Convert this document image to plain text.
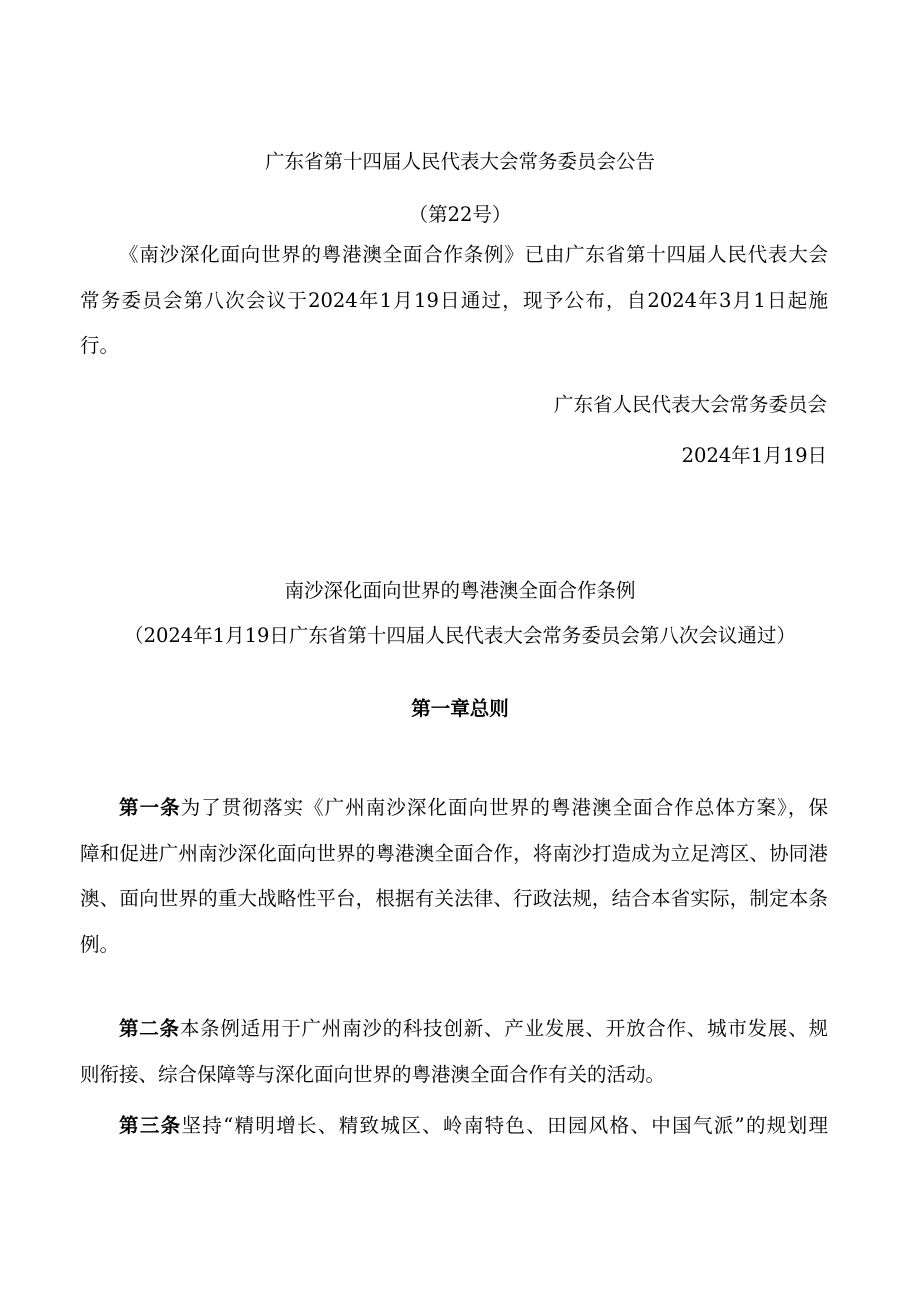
广东省第十四届人民代表大会常务委员会公告
（第22号）
《南沙深化面向世界的粤港澳全面合作条例》已由广东省第十四届人民代表大会
常务委员会第八次会议于2024年1月19日通过，现予公布，自2024年3月1日起施
行。
广东省人民代表大会常务委员会
2024年1月19日
南沙深化面向世界的粤港澳全面合作条例
（2024年1月19日广东省第十四届人民代表大会常务委员会第八次会议通过）
第一章总则
第一条为了贯彻落实《广州南沙深化面向世界的粤港澳全面合作总体方案》，保
障和促进广州南沙深化面向世界的粤港澳全面合作，将南沙打造成为立足湾区、协同港
澳、面向世界的重大战略性平台，根据有关法律、行政法规，结合本省实际，制定本条
例。
第二条本条例适用于广州南沙的科技创新、产业发展、开放合作、城市发展、规
则衔接、综合保障等与深化面向世界的粤港澳全面合作有关的活动。
第三条坚持“精明增长、精致城区、岭南特色、田园风格、中国气派”的规划理
